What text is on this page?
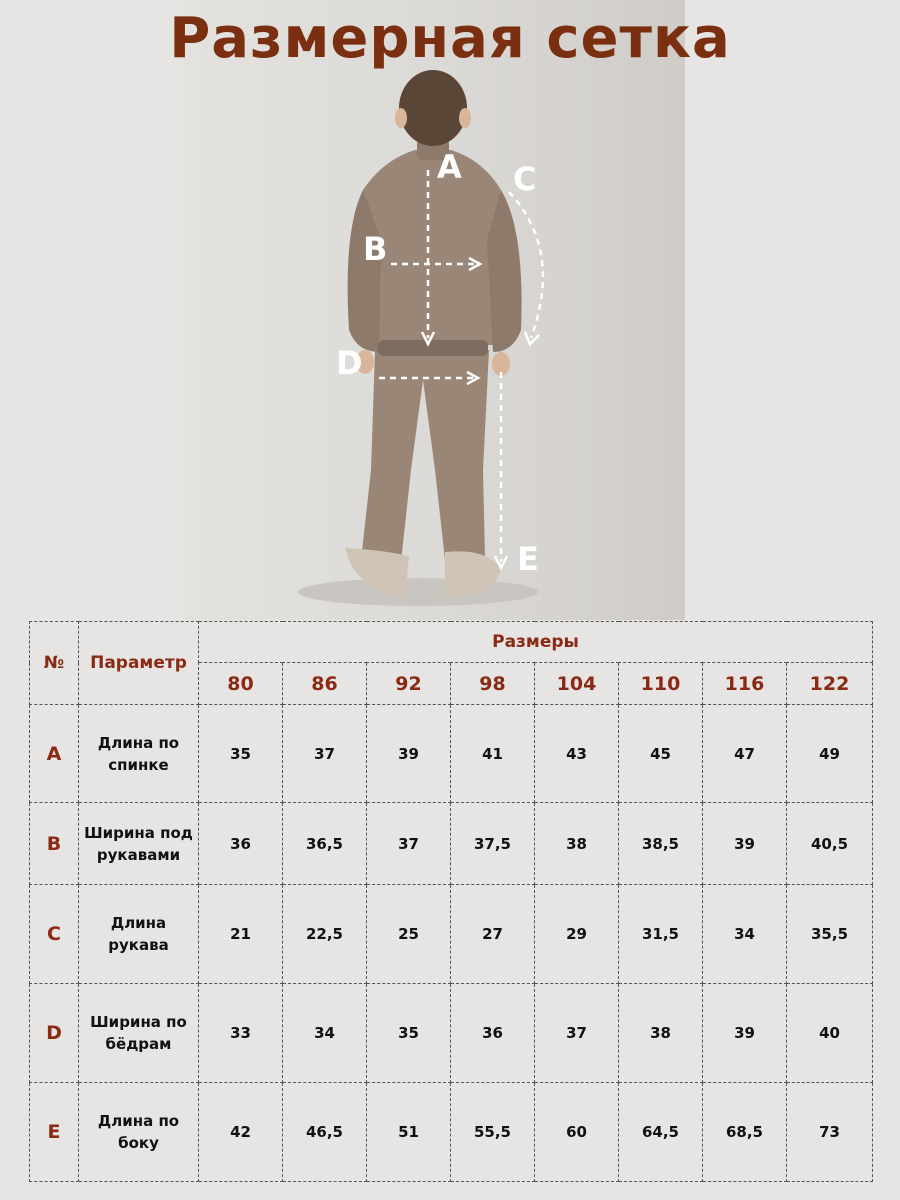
A
B
C
D
E
Размерная сетка
№	Параметр	Размеры							
		80	86	92	98	104	110	116	122
A	Длина по спинке	35	37	39	41	43	45	47	49
B	Ширина под рукавами	36	36,5	37	37,5	38	38,5	39	40,5
C	Длина рукава	21	22,5	25	27	29	31,5	34	35,5
D	Ширина по бёдрам	33	34	35	36	37	38	39	40
E	Длина по боку	42	46,5	51	55,5	60	64,5	68,5	73
